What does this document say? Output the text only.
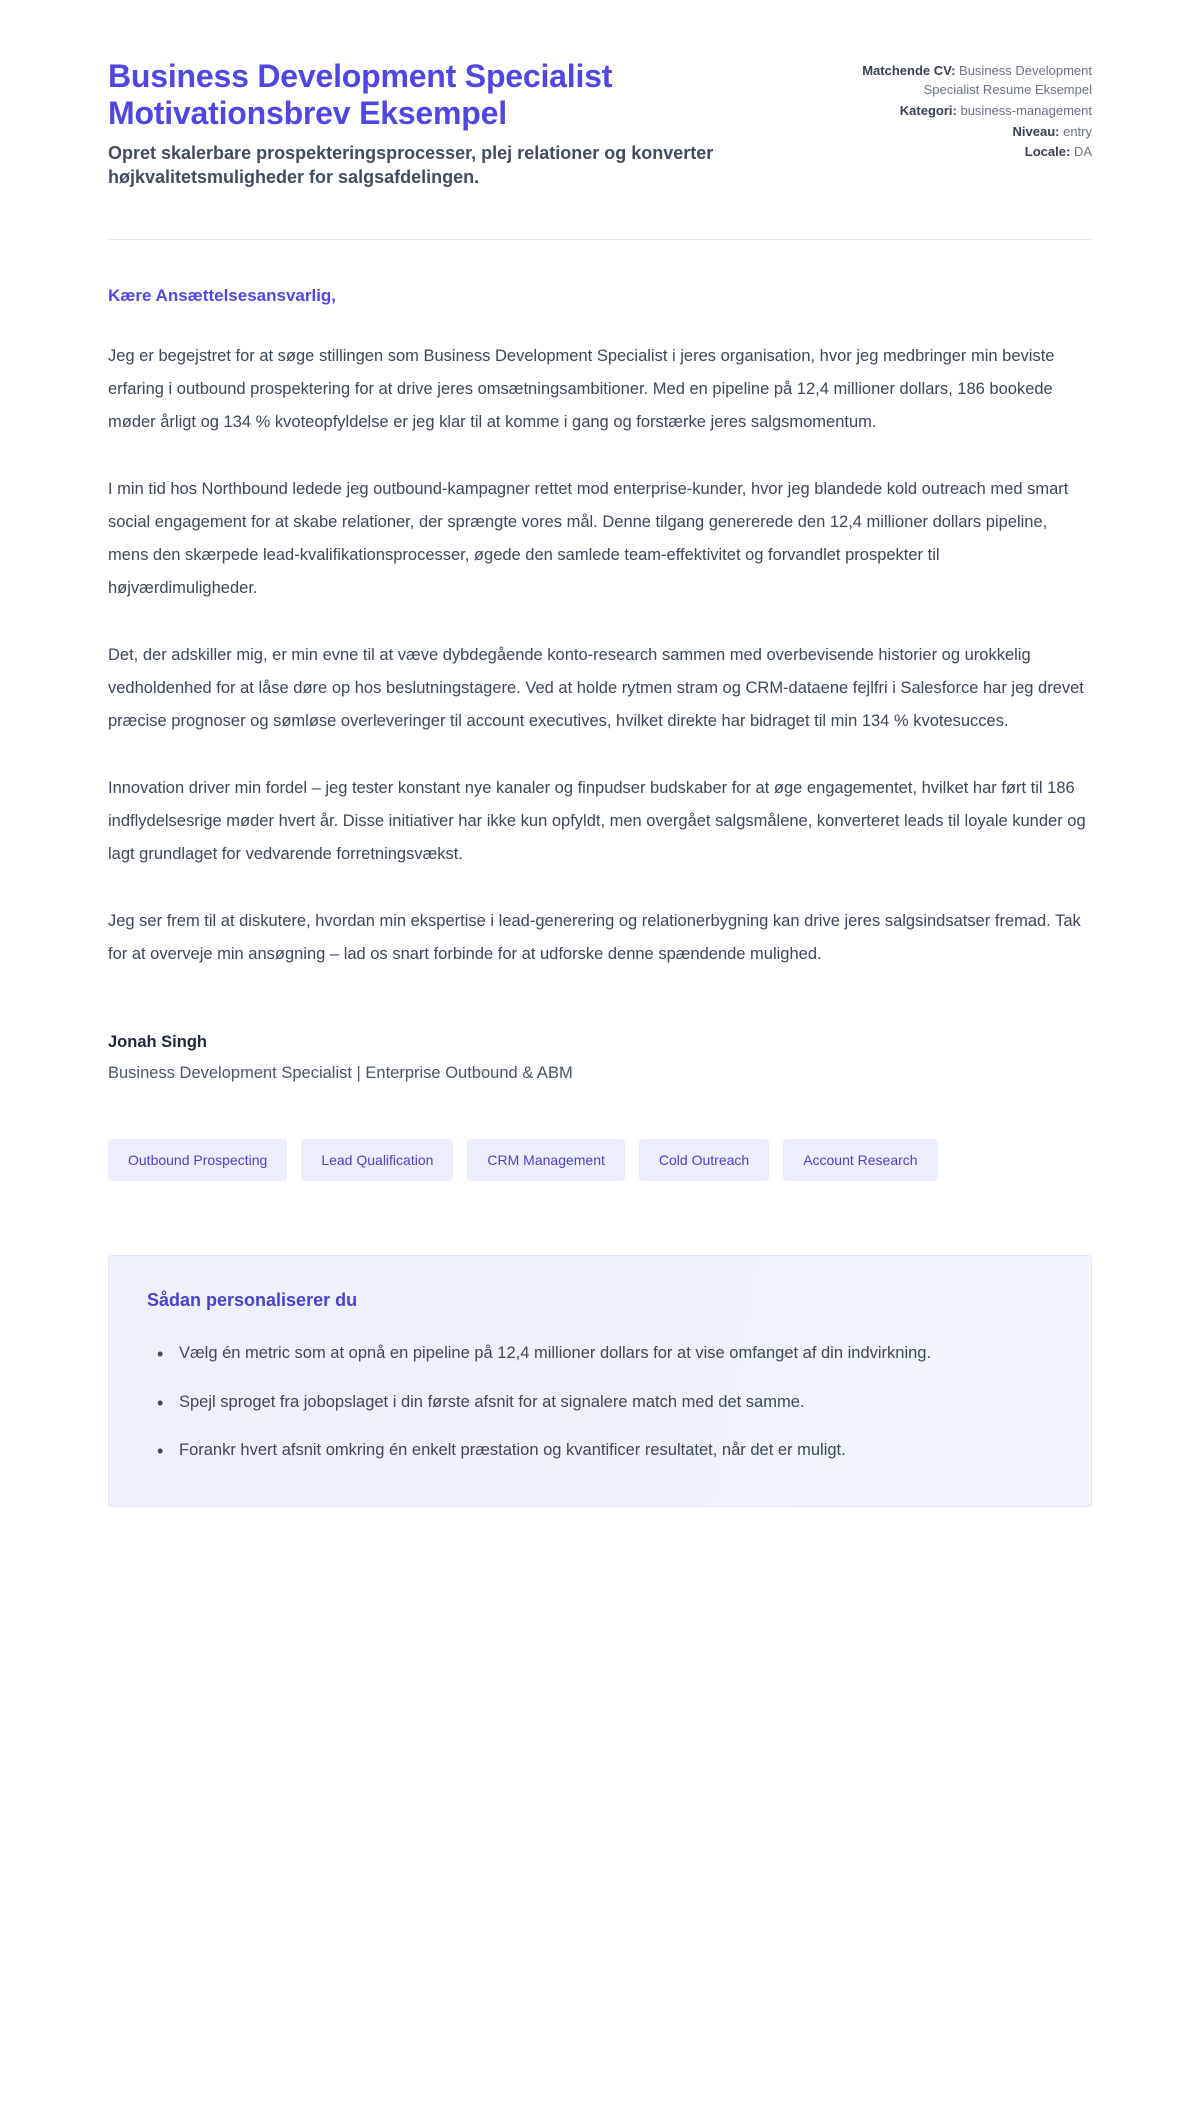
Business Development Specialist Motivationsbrev Eksempel

Opret skalerbare prospekteringsprocesser, plej relationer og konverter højkvalitetsmuligheder for salgsafdelingen.

Matchende CV: Business Development Specialist Resume Eksempel
Kategori: business-management
Niveau: entry
Locale: DA

Kære Ansættelsesansvarlig,

Jeg er begejstret for at søge stillingen som Business Development Specialist i jeres organisation, hvor jeg medbringer min beviste erfaring i outbound prospektering for at drive jeres omsætningsambitioner. Med en pipeline på 12,4 millioner dollars, 186 bookede møder årligt og 134 % kvoteopfyldelse er jeg klar til at komme i gang og forstærke jeres salgsmomentum.

I min tid hos Northbound ledede jeg outbound-kampagner rettet mod enterprise-kunder, hvor jeg blandede kold outreach med smart social engagement for at skabe relationer, der sprængte vores mål. Denne tilgang genererede den 12,4 millioner dollars pipeline, mens den skærpede lead-kvalifikationsprocesser, øgede den samlede team-effektivitet og forvandlet prospekter til højværdimuligheder.

Det, der adskiller mig, er min evne til at væve dybdegående konto-research sammen med overbevisende historier og urokkelig vedholdenhed for at låse døre op hos beslutningstagere. Ved at holde rytmen stram og CRM-dataene fejlfri i Salesforce har jeg drevet præcise prognoser og sømløse overleveringer til account executives, hvilket direkte har bidraget til min 134 % kvotesucces.

Innovation driver min fordel – jeg tester konstant nye kanaler og finpudser budskaber for at øge engagementet, hvilket har ført til 186 indflydelsesrige møder hvert år. Disse initiativer har ikke kun opfyldt, men overgået salgsmålene, konverteret leads til loyale kunder og lagt grundlaget for vedvarende forretningsvækst.

Jeg ser frem til at diskutere, hvordan min ekspertise i lead-generering og relationerbygning kan drive jeres salgsindsatser fremad. Tak for at overveje min ansøgning – lad os snart forbinde for at udforske denne spændende mulighed.

Jonah Singh

Business Development Specialist | Enterprise Outbound & ABM

Outbound Prospecting	Lead Qualification	CRM Management	Cold Outreach	Account Research
Sådan personaliserer du
• Vælg én metric som at opnå en pipeline på 12,4 millioner dollars for at vise omfanget af din indvirkning.
• Spejl sproget fra jobopslaget i din første afsnit for at signalere match med det samme.
• Forankr hvert afsnit omkring én enkelt præstation og kvantificer resultatet, når det er muligt.
